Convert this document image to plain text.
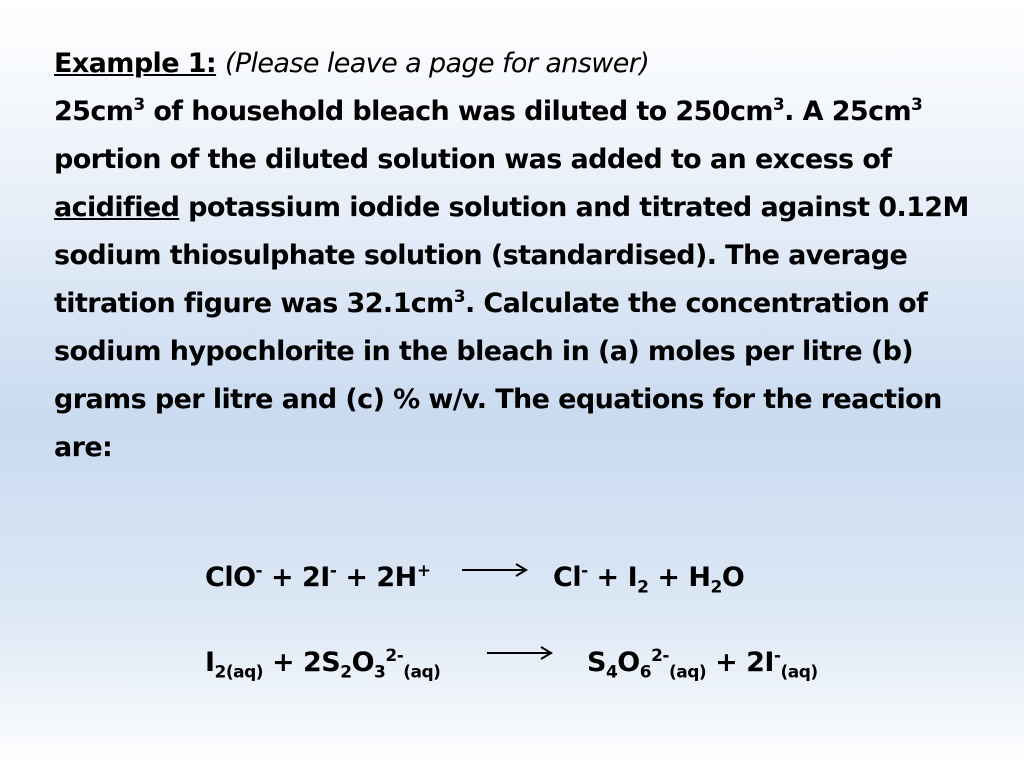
Example 1: (Please leave a page for answer)
$25cm^3$ of household bleach was diluted to $250cm^3$. A $25cm^3$ portion of the diluted solution was added to an excess of acidified potassium iodide solution and titrated against 0.12M sodium thiosulphate solution (standardised). The average titration figure was $32.1cm^3$. Calculate the concentration of sodium hypochlorite in the bleach in (a) moles per litre (b) grams per litre and (c) % w/v. The equations for the reaction are:
ClO- + 2I- + 2H+	$Cl^- + I_2 + H_2O$
$I_{2(aq)} + 2S_2O_3^{2-}_{(aq)}$	$S_4O_6^{2-}_{(aq)} + 2I^-_{(aq)}$
